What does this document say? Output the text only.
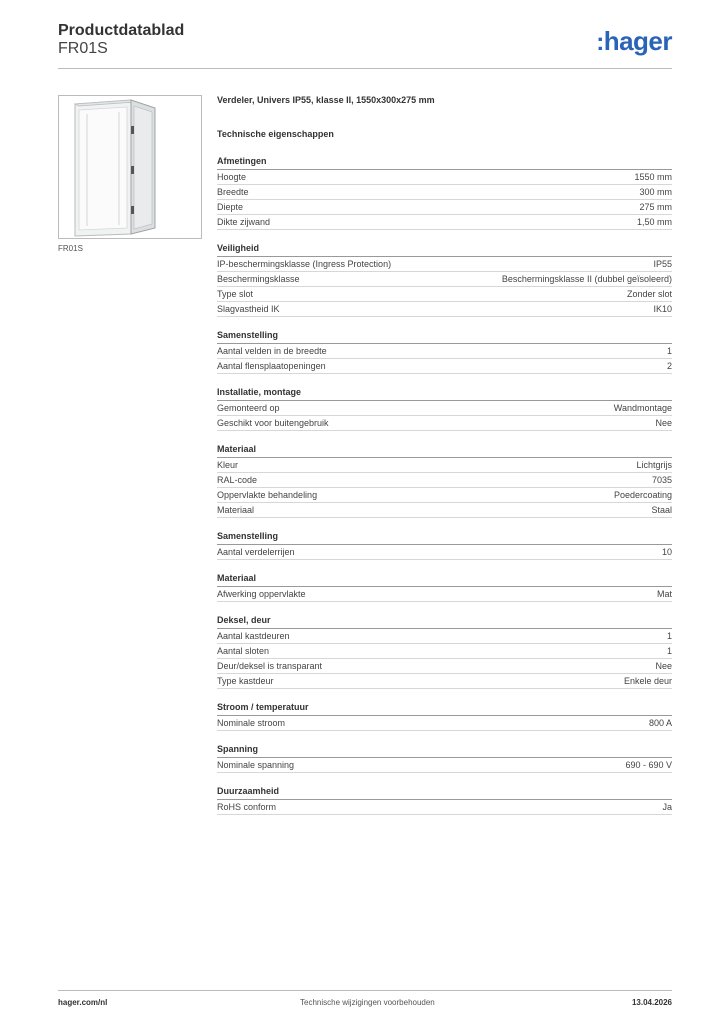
Productdatablad
FR01S	:hager
FR01S
Verdeler, Univers IP55, klasse II, 1550x300x275 mm
Technische eigenschappen
Afmetingen
Hoogte	1550 mm
Breedte	300 mm
Diepte	275 mm
Dikte zijwand	1,50 mm
Veiligheid
IP-beschermingsklasse (Ingress Protection)	IP55
Beschermingsklasse	Beschermingsklasse II (dubbel geïsoleerd)
Type slot	Zonder slot
Slagvastheid IK	IK10
Samenstelling
Aantal velden in de breedte	1
Aantal flensplaatopeningen	2
Installatie, montage
Gemonteerd op	Wandmontage
Geschikt voor buitengebruik	Nee
Materiaal
Kleur	Lichtgrijs
RAL-code	7035
Oppervlakte behandeling	Poedercoating
Materiaal	Staal
Samenstelling
Aantal verdelerrijen	10
Materiaal
Afwerking oppervlakte	Mat
Deksel, deur
Aantal kastdeuren	1
Aantal sloten	1
Deur/deksel is transparant	Nee
Type kastdeur	Enkele deur
Stroom / temperatuur
Nominale stroom	800 A
Spanning
Nominale spanning	690 - 690 V
Duurzaamheid
RoHS conform	Ja
hager.com/nl	Technische wijzigingen voorbehouden	13.04.2026
